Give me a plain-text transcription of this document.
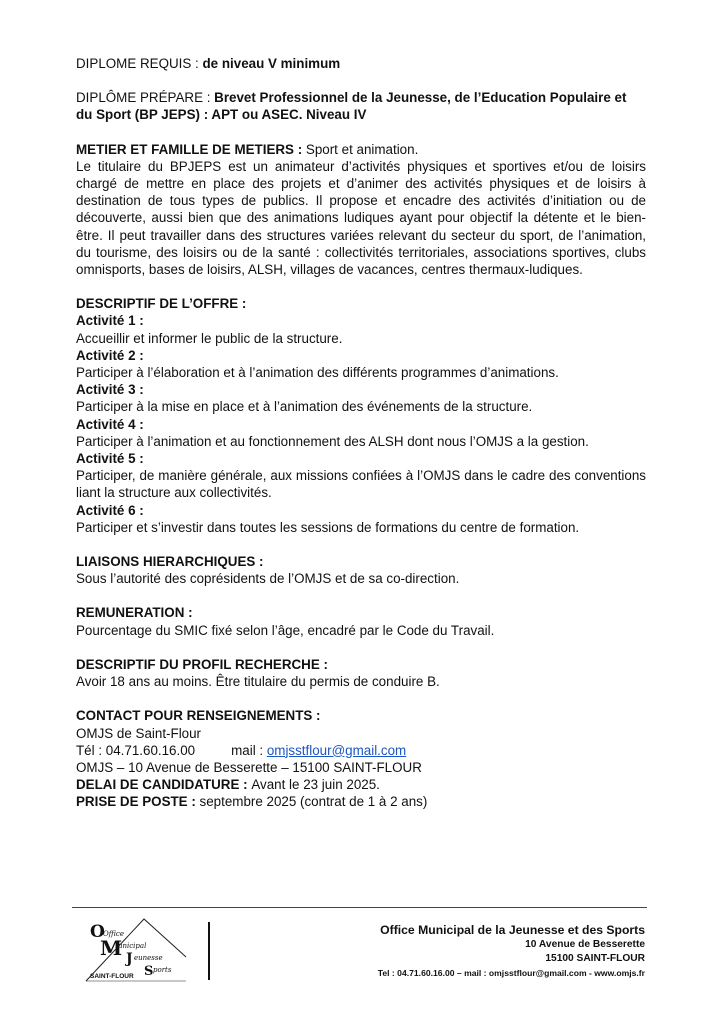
DIPLOME REQUIS : de niveau V minimum

DIPLÔME PRÉPARE : Brevet Professionnel de la Jeunesse, de l’Education Populaire et du Sport (BP JEPS) : APT ou ASEC. Niveau IV

METIER ET FAMILLE DE METIERS : Sport et animation.

Le titulaire du BPJEPS est un animateur d’activités physiques et sportives et/ou de loisirs chargé de mettre en place des projets et d’animer des activités physiques et de loisirs à destination de tous types de publics. Il propose et encadre des activités d’initiation ou de découverte, aussi bien que des animations ludiques ayant pour objectif la détente et le bien-être. Il peut travailler dans des structures variées relevant du secteur du sport, de l’animation, du tourisme, des loisirs ou de la santé : collectivités territoriales, associations sportives, clubs omnisports, bases de loisirs, ALSH, villages de vacances, centres thermaux-ludiques.

DESCRIPTIF DE L’OFFRE :

Activité 1 :

Accueillir et informer le public de la structure.

Activité 2 :

Participer à l’élaboration et à l’animation des différents programmes d’animations.

Activité 3 :

Participer à la mise en place et à l’animation des événements de la structure.

Activité 4 :

Participer à l’animation et au fonctionnement des ALSH dont nous l’OMJS a la gestion.

Activité 5 :

Participer, de manière générale, aux missions confiées à l’OMJS dans le cadre des conventions liant la structure aux collectivités.

Activité 6 :

Participer et s’investir dans toutes les sessions de formations du centre de formation.

LIAISONS HIERARCHIQUES :

Sous l’autorité des coprésidents de l’OMJS et de sa co-direction.

REMUNERATION :

Pourcentage du SMIC fixé selon l’âge, encadré par le Code du Travail.

DESCRIPTIF DU PROFIL RECHERCHE :

Avoir 18 ans au moins. Être titulaire du permis de conduire B.

CONTACT POUR RENSEIGNEMENTS :

OMJS de Saint-Flour

Tél : 04.71.60.16.00	mail : omjsstflour@gmail.com

OMJS – 10 Avenue de Besserette – 15100 SAINT-FLOUR

DELAI DE CANDIDATURE : Avant le 23 juin 2025.

PRISE DE POSTE : septembre 2025 (contrat de 1 à 2 ans)

O
Office
M
unicipal
J eunesse
S ports
SAINT-FLOUR
Office Municipal de la Jeunesse et des Sports
10 Avenue de Besserette
15100 SAINT-FLOUR
Tel : 04.71.60.16.00 – mail : omjsstflour@gmail.com - www.omjs.fr
